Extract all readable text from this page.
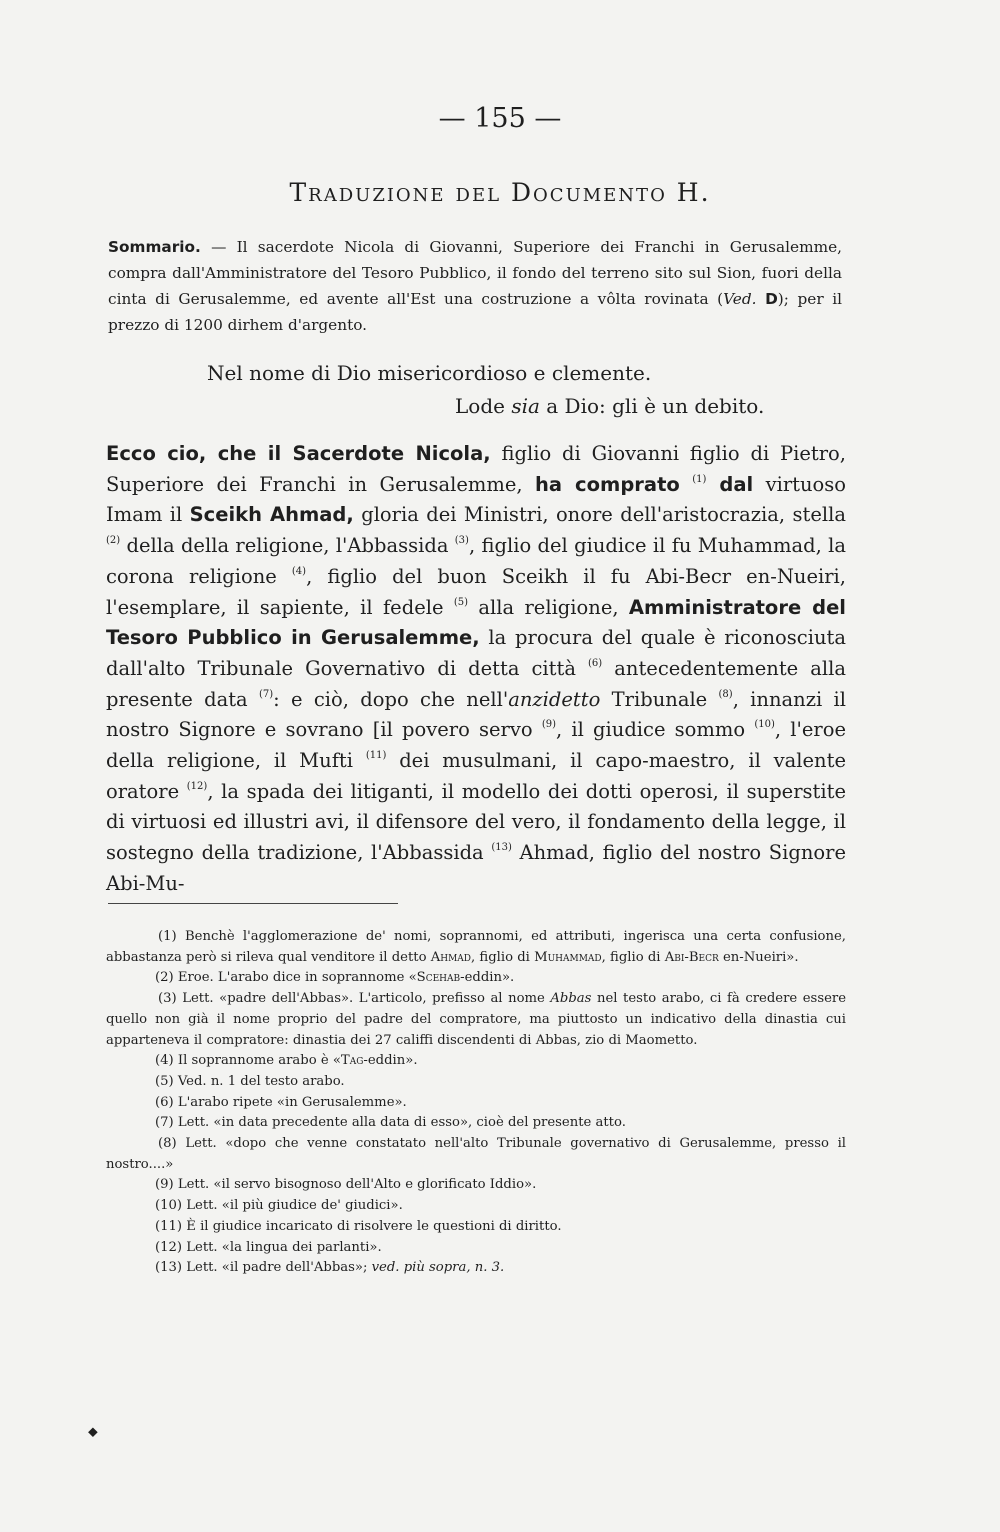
— 155 —
Traduzione del Documento H.
Sommario. — Il sacerdote Nicola di Giovanni, Superiore dei Franchi in Gerusalemme, compra dall'Amministratore del Tesoro Pubblico, il fondo del terreno sito sul Sion, fuori della cinta di Gerusalemme, ed avente all'Est una costruzione a vôlta rovinata (Ved. D); per il prezzo di 1200 dirhem d'argento.
Nel nome di Dio misericordioso e clemente.
Lode sia a Dio: gli è un debito.
Ecco cio, che il Sacerdote Nicola, figlio di Giovanni figlio di Pietro, Superiore dei Franchi in Gerusalemme, ha comprato $^{(1)}$ dal virtuoso Imam il Sceikh Ahmad, gloria dei Ministri, onore dell'aristocrazia, stella $^{(2)}$ della della religione, l'Abbassida $^{(3)}$, figlio del giudice il fu Muhammad, la corona religione $^{(4)}$, figlio del buon Sceikh il fu Abi-Becr en-Nueiri, l'esemplare, il sapiente, il fedele $^{(5)}$ alla religione, Amministratore del Tesoro Pubblico in Gerusalemme, la procura del quale è riconosciuta dall'alto Tribunale Governativo di detta città $^{(6)}$ antecedentemente alla presente data $^{(7)}$: e ciò, dopo che nell'anzidetto Tribunale $^{(8)}$, innanzi il nostro Signore e sovrano [il povero servo $^{(9)}$, il giudice sommo $^{(10)}$, l'eroe della religione, il Mufti $^{(11)}$ dei musulmani, il capo-maestro, il valente oratore $^{(12)}$, la spada dei litiganti, il modello dei dotti operosi, il superstite di virtuosi ed illustri avi, il difensore del vero, il fondamento della legge, il sostegno della tradizione, l'Abbassida $^{(13)}$ Ahmad, figlio del nostro Signore Abi-Mu-
(1) Benchè l'agglomerazione de' nomi, soprannomi, ed attributi, ingerisca una certa confusione, abbastanza però si rileva qual venditore il detto Ahmad, figlio di Muhammad, figlio di Abi-Becr en-Nueiri».
(2) Eroe. L'arabo dice in soprannome «Scehab-eddin».
(3) Lett. «padre dell'Abbas». L'articolo, prefisso al nome Abbas nel testo arabo, ci fà credere essere quello non già il nome proprio del padre del compratore, ma piuttosto un indicativo della dinastia cui apparteneva il compratore: dinastia dei 27 califfi discendenti di Abbas, zio di Maometto.
(4) Il soprannome arabo è «Tag-eddin».
(5) Ved. n. 1 del testo arabo.
(6) L'arabo ripete «in Gerusalemme».
(7) Lett. «in data precedente alla data di esso», cioè del presente atto.
(8) Lett. «dopo che venne constatato nell'alto Tribunale governativo di Gerusalemme, presso il nostro....»
(9) Lett. «il servo bisognoso dell'Alto e glorificato Iddio».
(10) Lett. «il più giudice de' giudici».
(11) È il giudice incaricato di risolvere le questioni di diritto.
(12) Lett. «la lingua dei parlanti».
(13) Lett. «il padre dell'Abbas»; ved. più sopra, n. 3.
⬥
